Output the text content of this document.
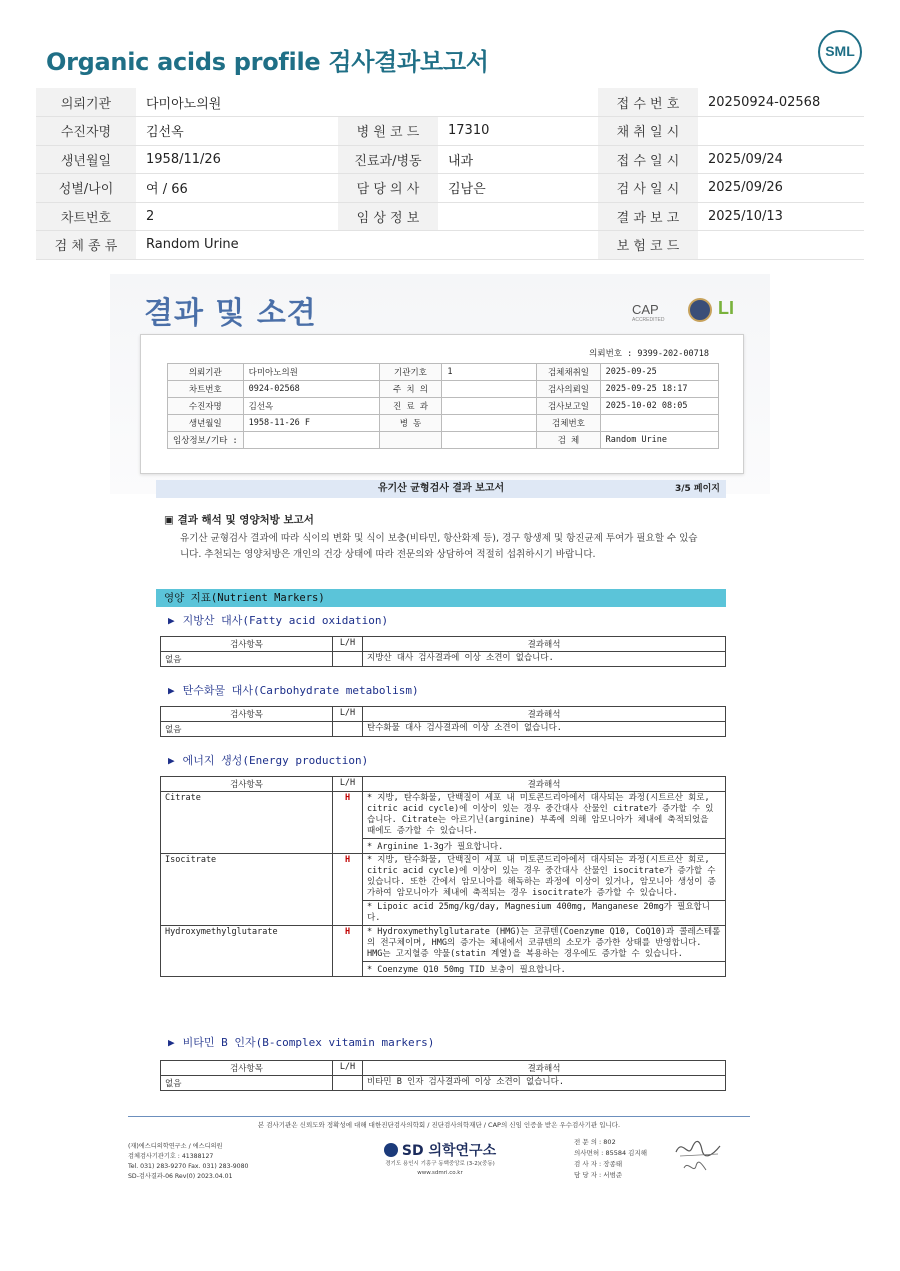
Organic acids profile 검사결과보고서	SML
의뢰기관	다미아노의원			접 수 번 호	20250924-02568
수진자명	김선옥	병 원 코 드	17310	채 취 일 시	
생년월일	1958/11/26	진료과/병동	내과	접 수 일 시	2025/09/24
성별/나이	여 / 66	담 당 의 사	김남은	검 사 일 시	2025/09/26
차트번호	2	임 상 정 보		결 과 보 고	2025/10/13
검 체 종 류	Random Urine			보 험 코 드	
결과 및 소견	CAP
ACCREDITED
LI
의뢰번호 : 9399-202-00718
의뢰기관	다미아노의원	기관기호	1	검체채취일	2025-09-25
차트번호	0924-02568	주 치 의		검사의뢰일	2025-09-25 18:17
수진자명	김선옥	진 료 과		검사보고일	2025-10-02 08:05
생년월일	1958-11-26 F	병 동		검체번호	
임상정보/기타 :				검 체	Random Urine
유기산 균형검사 결과 보고서	3/5 페이지
▣ 결과 해석 및 영양처방 보고서
유기산 균형검사 결과에 따라 식이의 변화 및 식이 보충(비타민, 항산화제 등), 경구 항생제 및 항진균제 투여가 필요할 수 있습니다. 추천되는 영양처방은 개인의 건강 상태에 따라 전문의와 상담하여 적절히 섭취하시기 바랍니다.
영양 지표(Nutrient Markers)
▶ 지방산 대사(Fatty acid oxidation)
검사항목	L/H	결과해석
없음		지방산 대사 검사결과에 이상 소견이 없습니다.
▶ 탄수화물 대사(Carbohydrate metabolism)
검사항목	L/H	결과해석
없음		탄수화물 대사 검사결과에 이상 소견이 없습니다.
▶ 에너지 생성(Energy production)
검사항목	L/H	결과해석
Citrate	H	* 지방, 탄수화물, 단백질이 세포 내 미토콘드리아에서 대사되는 과정(시트르산 회로, citric acid cycle)에 이상이 있는 경우 중간대사 산물인 citrate가 증가할 수 있습니다. Citrate는 아르기닌(arginine) 부족에 의해 암모니아가 체내에 축적되었을 때에도 증가할 수 있습니다.
		* Arginine 1-3g가 필요합니다.
Isocitrate	H	* 지방, 탄수화물, 단백질이 세포 내 미토콘드리아에서 대사되는 과정(시트르산 회로, citric acid cycle)에 이상이 있는 경우 중간대사 산물인 isocitrate가 증가할 수 있습니다. 또한 간에서 암모니아를 해독하는 과정에 이상이 있거나, 암모니아 생성이 증가하여 암모니아가 체내에 축적되는 경우 isocitrate가 증가할 수 있습니다.
		* Lipoic acid 25mg/kg/day, Magnesium 400mg, Manganese 20mg가 필요합니다.
Hydroxymethylglutarate	H	* Hydroxymethylglutarate (HMG)는 코큐텐(Coenzyme Q10, CoQ10)과 콜레스테롤의 전구체이며, HMG의 증가는 체내에서 코큐텐의 소모가 증가한 상태를 반영합니다. HMG는 고지혈증 약물(statin 계열)을 복용하는 경우에도 증가할 수 있습니다.
		* Coenzyme Q10 50mg TID 보충이 필요합니다.
▶ 비타민 B 인자(B-complex vitamin markers)
검사항목	L/H	결과해석
없음		비타민 B 인자 검사결과에 이상 소견이 없습니다.
본 검사기관은 신뢰도와 정확성에 대해 대한진단검사의학회 / 진단검사의학재단 / CAP의 신임 인증을 받은 우수검사기관 입니다.
(재)에스디의학연구소 / 에스디의원
검체검사기관기호 : 41388127
Tel. 031) 283-9270 Fax. 031) 283-9080
SD-검사결과-06 Rev(0) 2023.04.01
SD 의학연구소
경기도 용인시 기흥구 동백중앙로 (3-2)(중동)
www.sdmri.co.kr
전 문 의 : 802
의사면허 : 85584 김지해
검 사 자 : 장종태
담 당 자 : 서범준
